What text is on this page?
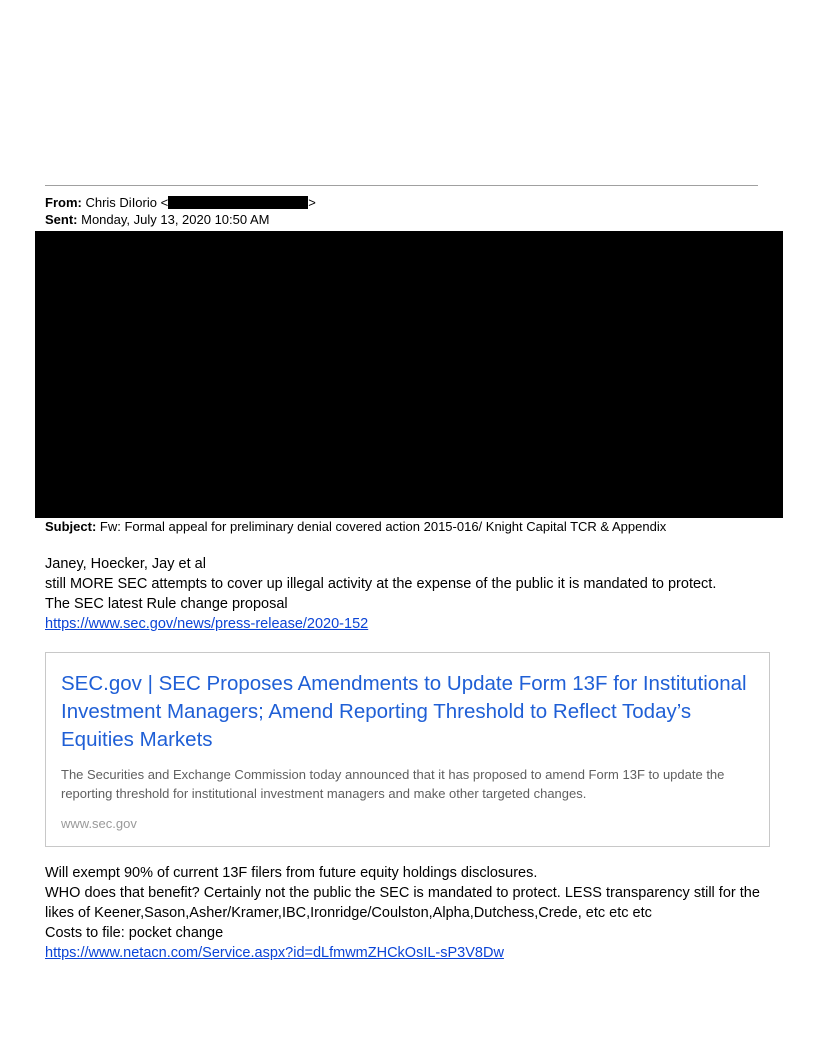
From: Chris DiIorio <	>
Sent: Monday, July 13, 2020 10:50 AM
Subject: Fw: Formal appeal for preliminary denial covered action 2015-016/ Knight Capital TCR & Appendix
Janey, Hoecker, Jay et al
still MORE SEC attempts to cover up illegal activity at the expense of the public it is mandated to protect.
The SEC latest Rule change proposal
https://www.sec.gov/news/press-release/2020-152
SEC.gov | SEC Proposes Amendments to Update Form 13F for Institutional Investment Managers; Amend Reporting Threshold to Reflect Today’s Equities Markets
The Securities and Exchange Commission today announced that it has proposed to amend Form 13F to update the reporting threshold for institutional investment managers and make other targeted changes.
www.sec.gov
Will exempt 90% of current 13F filers from future equity holdings disclosures.
WHO does that benefit? Certainly not the public the SEC is mandated to protect. LESS transparency still for the
likes of Keener,Sason,Asher/Kramer,IBC,Ironridge/Coulston,Alpha,Dutchess,Crede, etc etc etc
Costs to file: pocket change
https://www.netacn.com/Service.aspx?id=dLfmwmZHCkOsIL-sP3V8Dw
